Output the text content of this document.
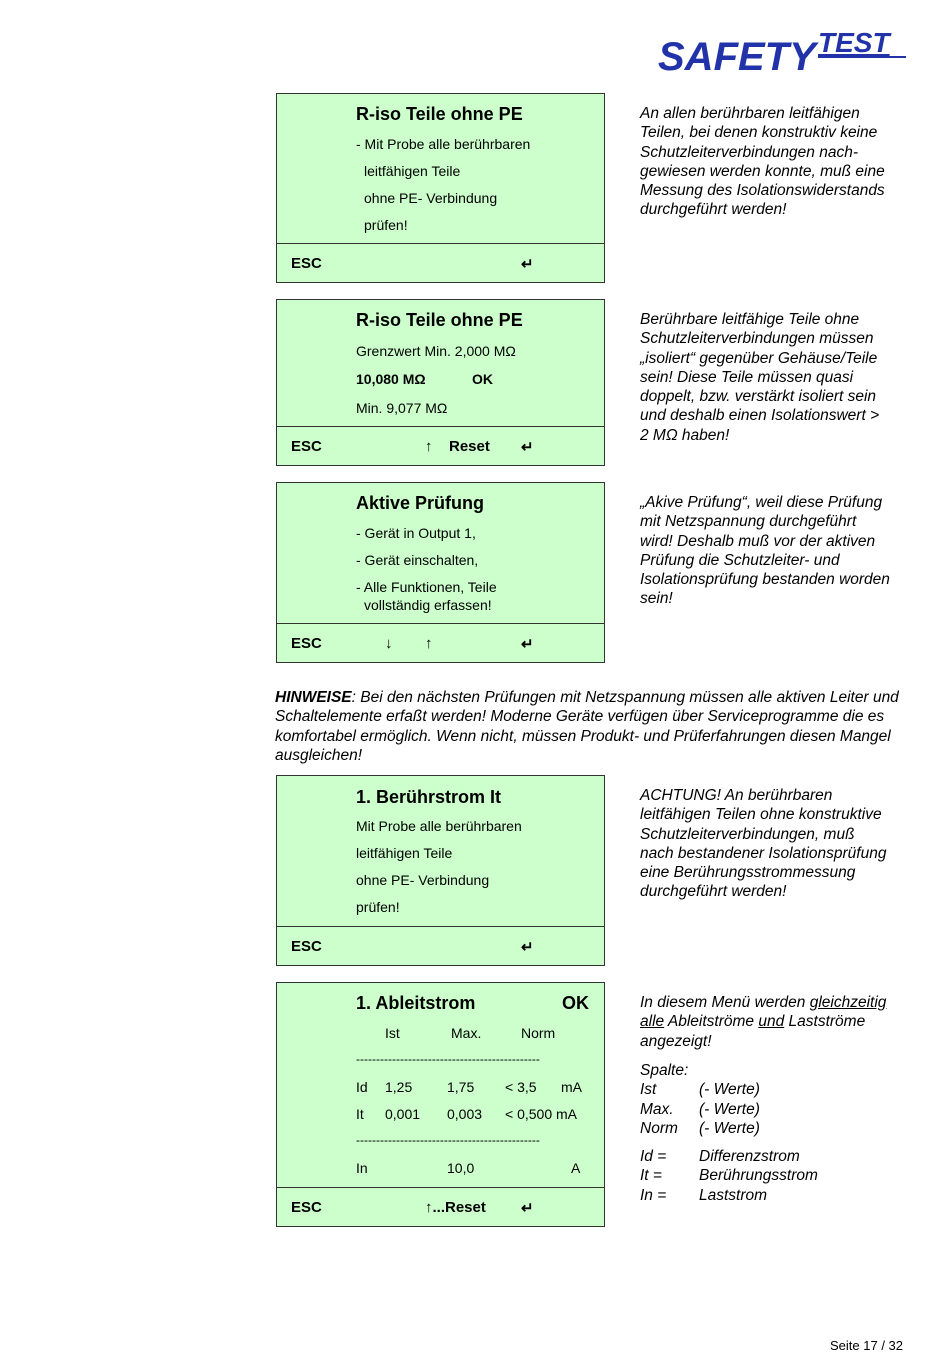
SAFETY TEST
R-iso Teile ohne PE
- Mit Probe alle berührbaren
leitfähigen Teile
ohne PE- Verbindung
prüfen!
ESC	↵
R-iso Teile ohne PE
Grenzwert Min. 2,000 MΩ
10,080 MΩ	OK
Min. 9,077 MΩ
ESC	↑ Reset ↵
Aktive Prüfung
- Gerät in Output 1,
- Gerät einschalten,
- Alle Funktionen, Teile
vollständig erfassen!
ESC	↓ ↑	↵
HINWEISE: Bei den nächsten Prüfungen mit Netzspannung müssen alle aktiven Leiter und Schaltelemente erfaßt werden! Moderne Geräte verfügen über Serviceprogramme die es komfortabel ermöglich. Wenn nicht, müssen Produkt- und Prüferfahrungen diesen Mangel ausgleichen!
1. Berührstrom It
Mit Probe alle berührbaren
leitfähigen Teile
ohne PE- Verbindung
prüfen!
ESC	↵
1. Ableitstrom	OK
Ist	Max.	Norm
----------------------------------------------
Id 1,25 1,75 < 3,5 mA
It 0,001 0,003 < 0,500 mA
----------------------------------------------
In	10,0	A
ESC	↑...Reset ↵
An allen berührbaren leitfähigen
Teilen, bei denen konstruktiv keine
Schutzleiterverbindungen nach-
gewiesen werden konnte, muß eine
Messung des Isolationswiderstands
durchgeführt werden!
Berührbare leitfähige Teile ohne
Schutzleiterverbindungen müssen
„isoliert“ gegenüber Gehäuse/Teile
sein! Diese Teile müssen quasi
doppelt, bzw. verstärkt isoliert sein
und deshalb einen Isolationswert >
2 MΩ haben!
„Akive Prüfung“, weil diese Prüfung
mit Netzspannung durchgeführt
wird! Deshalb muß vor der aktiven
Prüfung die Schutzleiter- und
Isolationsprüfung bestanden worden
sein!
ACHTUNG! An berührbaren
leitfähigen Teilen ohne konstruktive
Schutzleiterverbindungen, muß
nach bestandener Isolationsprüfung
eine Berührungsstrommessung
durchgeführt werden!
In diesem Menü werden gleichzeitig
alle Ableitströme und Lastströme
angezeigt!
Spalte:
Ist	(- Werte)
Max. (- Werte)
Norm (- Werte)
Id = Differenzstrom
It = Berührungsstrom
In = Laststrom
Seite 17 / 32
